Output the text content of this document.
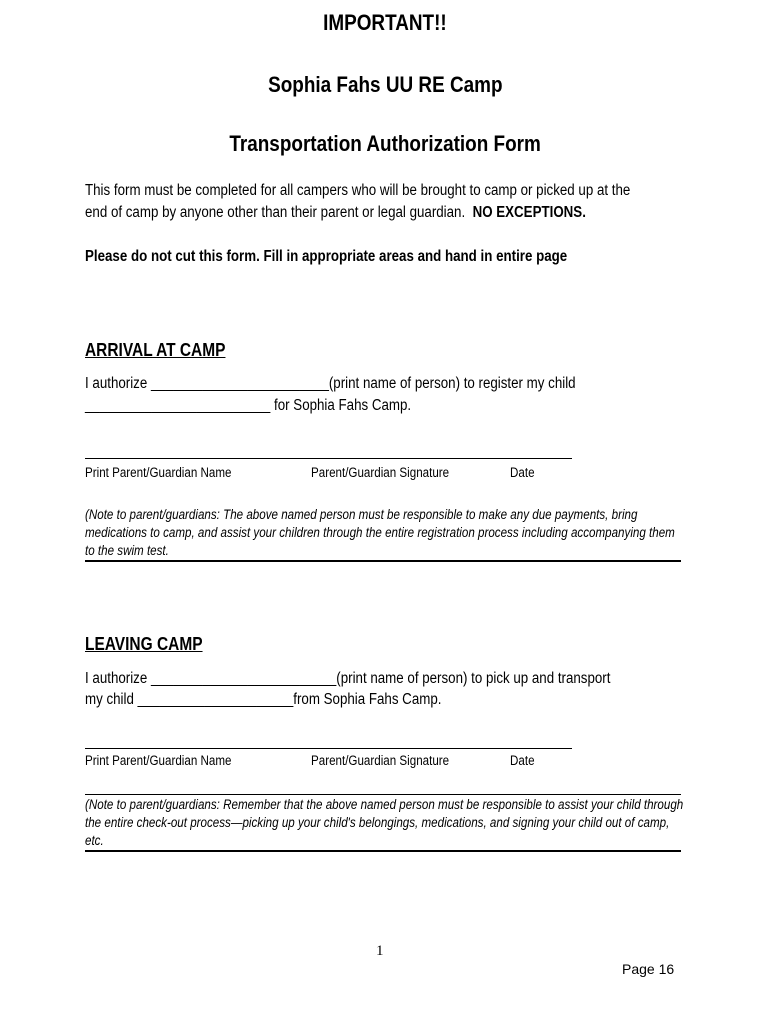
IMPORTANT!!
Sophia Fahs UU RE Camp
Transportation Authorization Form
This form must be completed for all campers who will be brought to camp or picked up at the
end of camp by anyone other than their parent or legal guardian. NO EXCEPTIONS.
Please do not cut this form. Fill in appropriate areas and hand in entire page
ARRIVAL AT CAMP
I authorize ________________________(print name of person) to register my child
_________________________ for Sophia Fahs Camp.
Print Parent/Guardian Name	Parent/Guardian Signature	Date
(Note to parent/guardians: The above named person must be responsible to make any due payments, bring medications to camp, and assist your children through the entire registration process including accompanying them to the swim test.
LEAVING CAMP
I authorize _________________________(print name of person) to pick up and transport
my child _____________________from Sophia Fahs Camp.
Print Parent/Guardian Name	Parent/Guardian Signature	Date
(Note to parent/guardians: Remember that the above named person must be responsible to assist your child through the entire check-out process—picking up your child's belongings, medications, and signing your child out of camp, etc.
1
Page 16
